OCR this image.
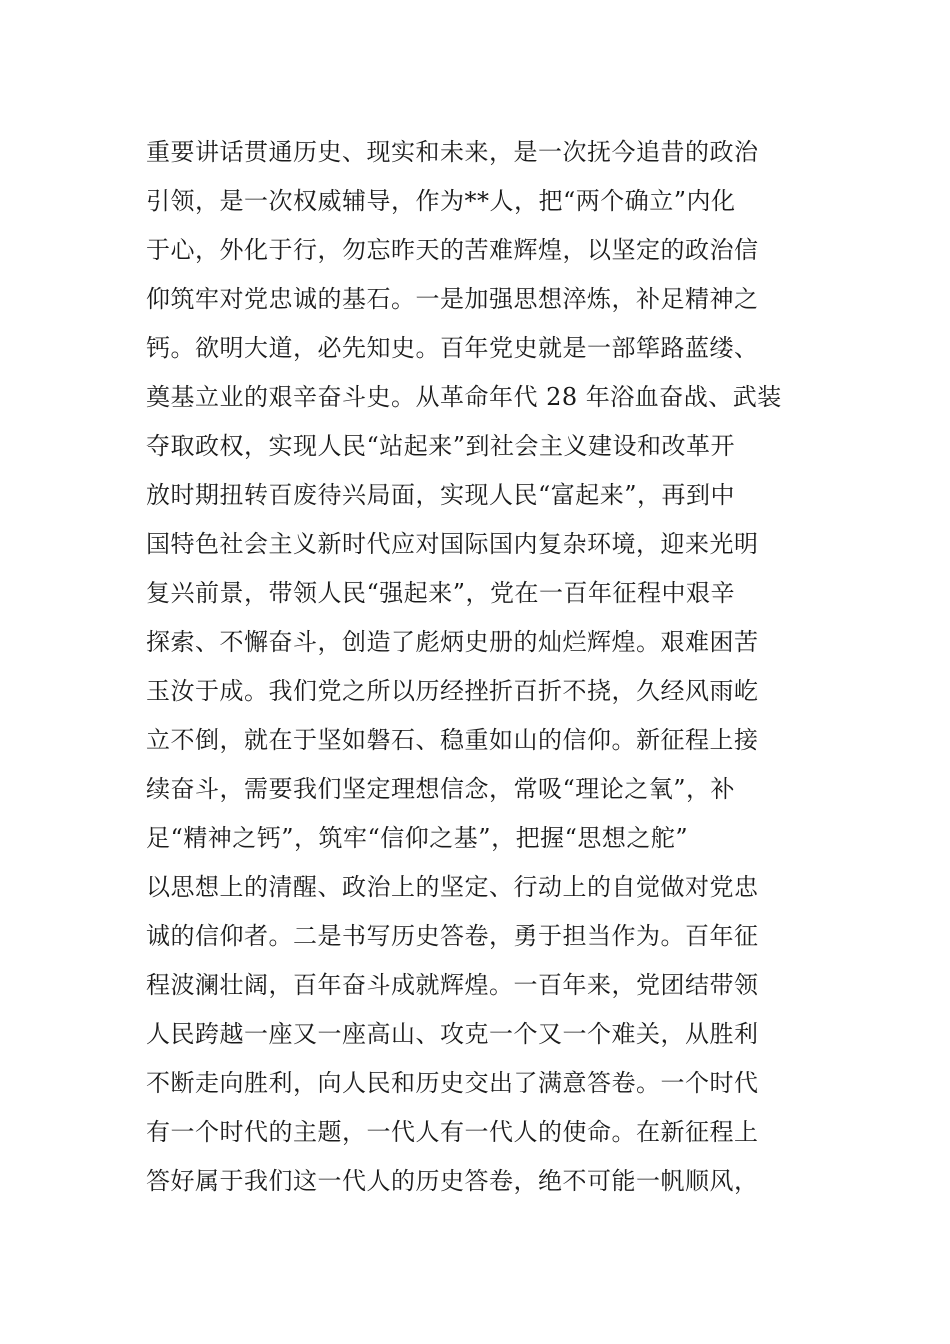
重要讲话贯通历史、现实和未来，是一次抚今追昔的政治
引领，是一次权威辅导，作为**人，把“两个确立”内化
于心，外化于行，勿忘昨天的苦难辉煌，以坚定的政治信
仰筑牢对党忠诚的基石。一是加强思想淬炼，补足精神之
钙。欲明大道，必先知史。百年党史就是一部筚路蓝缕、
奠基立业的艰辛奋斗史。从革命年代 28 年浴血奋战、武装
夺取政权，实现人民“站起来”到社会主义建设和改革开
放时期扭转百废待兴局面，实现人民“富起来”，再到中
国特色社会主义新时代应对国际国内复杂环境，迎来光明
复兴前景，带领人民“强起来”，党在一百年征程中艰辛
探索、不懈奋斗，创造了彪炳史册的灿烂辉煌。艰难困苦
玉汝于成。我们党之所以历经挫折百折不挠，久经风雨屹
立不倒，就在于坚如磐石、稳重如山的信仰。新征程上接
续奋斗，需要我们坚定理想信念，常吸“理论之氧”，补
足“精神之钙”，筑牢“信仰之基”，把握“思想之舵”
以思想上的清醒、政治上的坚定、行动上的自觉做对党忠
诚的信仰者。二是书写历史答卷，勇于担当作为。百年征
程波澜壮阔，百年奋斗成就辉煌。一百年来，党团结带领
人民跨越一座又一座高山、攻克一个又一个难关，从胜利
不断走向胜利，向人民和历史交出了满意答卷。一个时代
有一个时代的主题，一代人有一代人的使命。在新征程上
答好属于我们这一代人的历史答卷，绝不可能一帆顺风，
